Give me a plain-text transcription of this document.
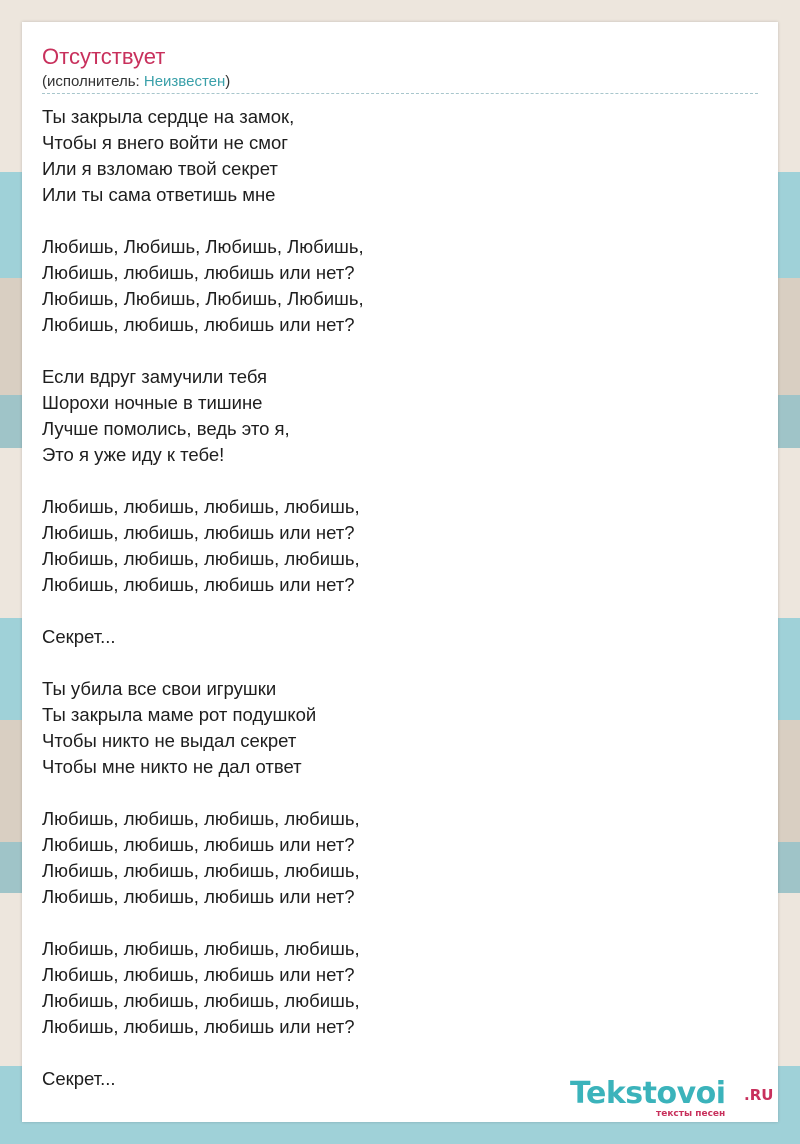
Отсутствует
(исполнитель: Неизвестен)
Ты закрыла сердце на замок,
Чтобы я внего войти не смог
Или я взломаю твой секрет
Или ты сама ответишь мне
Любишь, Любишь, Любишь, Любишь,
Любишь, любишь, любишь или нет?
Любишь, Любишь, Любишь, Любишь,
Любишь, любишь, любишь или нет?
Если вдруг замучили тебя
Шорохи ночные в тишине
Лучше помолись, ведь это я,
Это я уже иду к тебе!
Любишь, любишь, любишь, любишь,
Любишь, любишь, любишь или нет?
Любишь, любишь, любишь, любишь,
Любишь, любишь, любишь или нет?
Секрет...
Ты убила все свои игрушки
Ты закрыла маме рот подушкой
Чтобы никто не выдал секрет
Чтобы мне никто не дал ответ
Любишь, любишь, любишь, любишь,
Любишь, любишь, любишь или нет?
Любишь, любишь, любишь, любишь,
Любишь, любишь, любишь или нет?
Любишь, любишь, любишь, любишь,
Любишь, любишь, любишь или нет?
Любишь, любишь, любишь, любишь,
Любишь, любишь, любишь или нет?
Секрет...	Tekstovoi .RU
тексты песен
